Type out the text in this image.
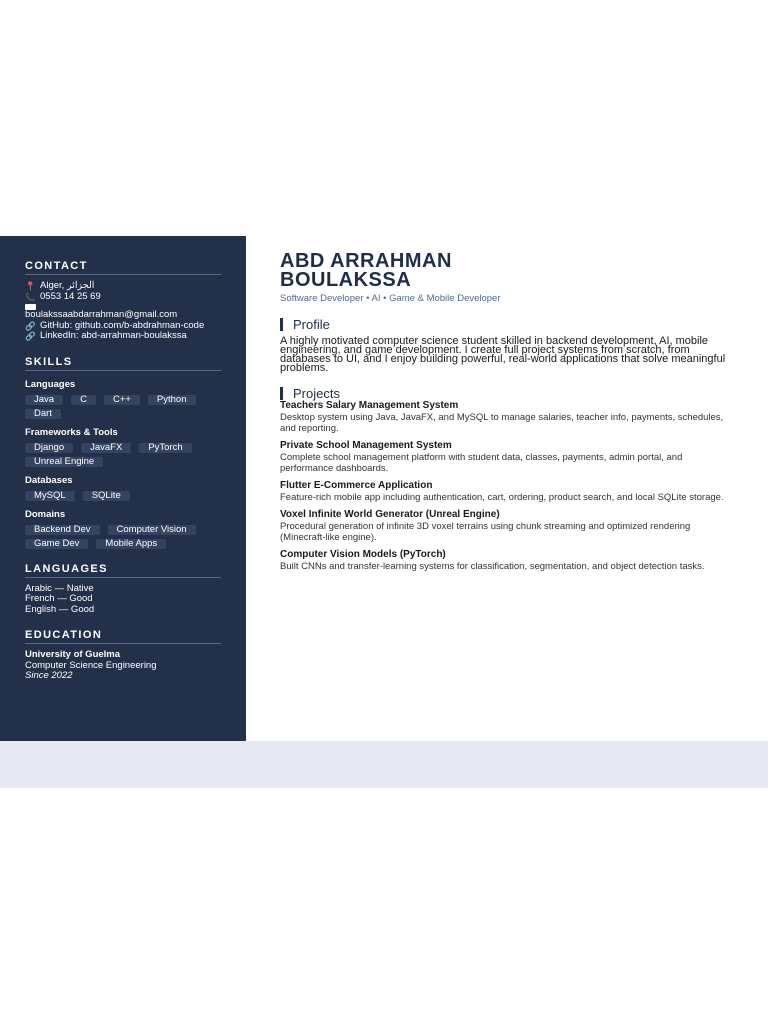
CONTACT
📍 Alger, الجزائر
📞 0553 14 25 69
boulakssaabdarrahman@gmail.com
🔗 GitHub: github.com/b-abdrahman-code
🔗 LinkedIn: abd-arrahman-boulakssa
SKILLS
Languages
Java	C	C++	Python
Dart
Frameworks & Tools
Django	JavaFX	PyTorch
Unreal Engine
Databases
MySQL	SQLite
Domains
Backend Dev	Computer Vision
Game Dev	Mobile Apps
LANGUAGES
Arabic — Native
French — Good
English — Good
EDUCATION
University of Guelma
Computer Science Engineering
Since 2022
ABD ARRAHMAN BOULAKSSA
Software Developer • AI • Game & Mobile Developer
Profile

A highly motivated computer science student skilled in backend development, AI, mobile engineering, and game development. I create full project systems from scratch, from databases to UI, and I enjoy building powerful, real-world applications that solve meaningful problems.

Projects
Teachers Salary Management System
Desktop system using Java, JavaFX, and MySQL to manage salaries, teacher info, payments, schedules, and reporting.
Private School Management System
Complete school management platform with student data, classes, payments, admin portal, and performance dashboards.
Flutter E-Commerce Application
Feature-rich mobile app including authentication, cart, ordering, product search, and local SQLite storage.
Voxel Infinite World Generator (Unreal Engine)
Procedural generation of infinite 3D voxel terrains using chunk streaming and optimized rendering (Minecraft-like engine).
Computer Vision Models (PyTorch)
Built CNNs and transfer-learning systems for classification, segmentation, and object detection tasks.
